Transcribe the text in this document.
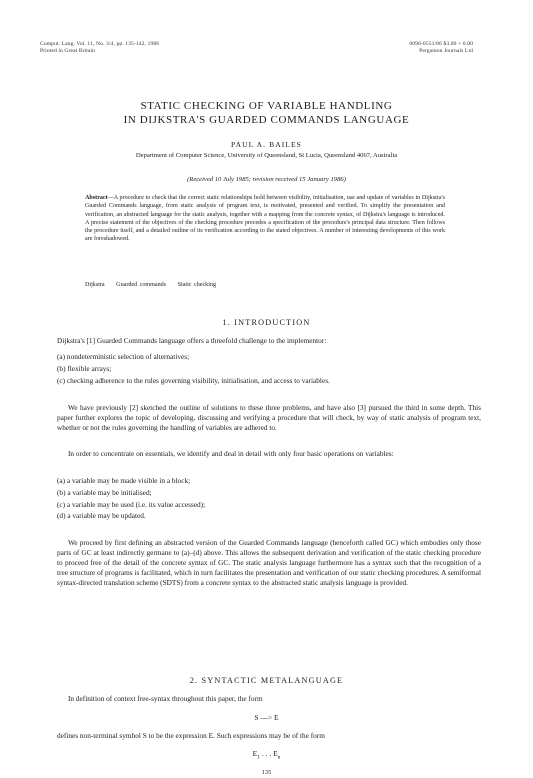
Comput. Lang. Vol. 11, No. 3/4, pp. 135-142, 1986
Printed in Great Britain
0096-0551/86 $3.00 + 0.00
Pergamon Journals Ltd
STATIC CHECKING OF VARIABLE HANDLING
IN DIJKSTRA'S GUARDED COMMANDS LANGUAGE
PAUL A. BAILES
Department of Computer Science, University of Queensland, St Lucia, Queensland 4067, Australia
(Received 10 July 1985; revision received 15 January 1986)
Abstract—A procedure to check that the correct static relationships hold between visibility, initialisation, use and update of variables in Dijkstra's Guarded Commands language, from static analysis of program text, is motivated, presented and verified. To simplify the presentation and verification, an abstracted language for the static analysis, together with a mapping from the concrete syntax, of Dijkstra's language is introduced. A precise statement of the objectives of the checking procedure precedes a specification of the procedure's principal data structure. Then follows the procedure itself, and a detailed outline of its verification according to the stated objectives. A number of interesting developments of this work are foreshadowed.
Dijkstra Guarded commands Static checking
1. INTRODUCTION
Dijkstra's [1] Guarded Commands language offers a threefold challenge to the implementor:
(a) nondeterministic selection of alternatives;
(b) flexible arrays;
(c) checking adherence to the rules governing visibility, initialisation, and access to variables.
We have previously [2] sketched the outline of solutions to these three problems, and have also [3] pursued the third in some depth. This paper further explores the topic of developing, discussing and verifying a procedure that will check, by way of static analysis of program text, whether or not the rules governing the handling of variables are adhered to.
In order to concentrate on essentials, we identify and deal in detail with only four basic operations on variables:
(a) a variable may be made visible in a block;
(b) a variable may be initialised;
(c) a variable may be used (i.e. its value accessed);
(d) a variable may be updated.
We proceed by first defining an abstracted version of the Guarded Commands language (henceforth called GC) which embodies only those parts of GC at least indirectly germane to (a)–(d) above. This allows the subsequent derivation and verification of the static checking procedure to proceed free of the detail of the concrete syntax of GC. The static analysis language furthermore has a syntax such that the recognition of a tree structure of programs is facilitated, which in turn facilitates the presentation and verification of our static checking procedures. A semiformal syntax-directed translation scheme (SDTS) from a concrete syntax to the abstracted static analysis language is provided.
2. SYNTACTIC METALANGUAGE
In definition of context free-syntax throughout this paper, the form
S ---> E
defines non-terminal symbol S to be the expression E. Such expressions may be of the form
$E_1$ . . . $E_n$
135
